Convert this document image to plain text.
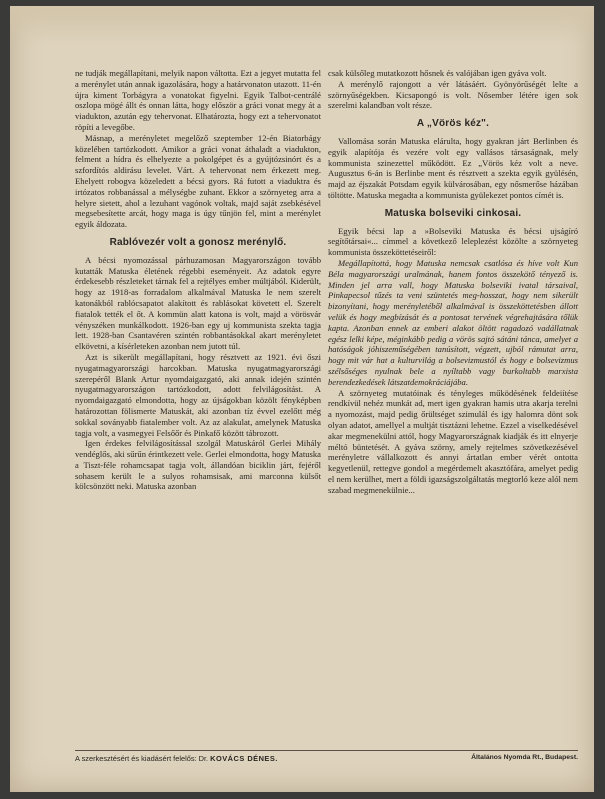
ne tudják megállapítani, melyik napon váltotta. Ezt a jegyet mutatta fel a merénylet után annak igazolására, hogy a határvonaton utazott. 11-én újra kiment Torbágyra a vonatokat figyelni. Egyik Talbot-centrálé oszlopa mögé állt és onnan látta, hogy először a gráci vonat megy át a viadukton, azután egy tehervonat. Elhatározta, hogy ezt a tehervonatot röpíti a levegőbe.

Másnap, a merényletet megelőző szeptember 12-én Biatorbágy közelében tartózkodott. Amikor a gráci vonat áthaladt a viadukton, felment a hídra és elhelyezte a pokolgépet és a gyújtózsinórt és a szfordítós aldirásu levelet. Várt. A tehervonat nem érkezett meg. Ehelyett robogva közeledett a bécsi gyors. Rá futott a viaduktra és irtózatos robbanással a mélységbe zuhant. Ekkor a szörnyeteg arra a helyre sietett, ahol a lezuhant vagónok voltak, majd saját zsebkésével megsebesítette arcát, hogy maga is úgy tűnjön fel, mint a merénylet egyik áldozata.

Rablóvezér volt a gonosz merénylő.

A bécsi nyomozással párhuzamosan Magyarországon tovább kutatták Matuska életének régebbi eseményeit. Az adatok egyre érdekesebb részleteket tárnak fel a rejtélyes ember múltjából. Kiderült, hogy az 1918-as forradalom alkalmával Matuska le nem szerelt katonákból rablócsapatot alakított és rablásokat követett el. Szerelt fiatalok tették el őt. A kommün alatt katona is volt, majd a vörösvár vényszéken munkálkodott. 1926-ban egy uj kommunista szekta tagja lett. 1928-ban Csantavéren szintén robbantásokkal akart merényletet elkövetni, a kísérleteken azonban nem jutott túl.

Azt is sikerült megállapítani, hogy résztvett az 1921. évi őszi nyugatmagyarországi harcokban. Matuska nyugatmagyarországi szerepéről Blank Artur nyomdaigazgató, aki annak idején szintén nyugatmagyarországon tartózkodott, adott felvilágosítást. A nyomdaigazgató elmondotta, hogy az újságokban közölt fényképben határozottan fölismerte Matuskát, aki azonban tíz évvel ezelőtt még sokkal soványabb fiatalember volt. Az az alakulat, amelynek Matuska tagja volt, a vasmegyei Felsőőr és Pinkafő között tábrozott.

Igen érdekes felvilágosítással szolgál Matuskáról Gerlei Mihály vendéglős, aki sűrűn érintkezett vele. Gerlei elmondotta, hogy Matuska a Tiszt-féle rohamcsapat tagja volt, állandóan biciklin járt, fejéről sohasem került le a sulyos rohamsisak, ami marconna külsőt kölcsönzött neki. Matuska azonban

csak külsőleg mutatkozott hősnek és valójában igen gyáva volt.

A merénylő rajongott a vér látásáért. Gyönyörűségét lelte a szörnyűségekben. Kicsapongó is volt. Nősember létére igen sok szerelmi kalandban volt része.

A „Vörös kéz".

Vallomása során Matuska elárulta, hogy gyakran járt Berlinben és egyik alapítója és vezére volt egy vallásos társaságnak, mely kommunista szinezettel működött. Ez „Vörös kéz volt a neve. Augusztus 6-án is Berlinbe ment és résztvett a szekta egyik gyülésén, majd az éjszakát Potsdam egyik külvárosában, egy nősmerőse házában töltötte. Matuska megadta a kommunista gyülekezet pontos címét is.

Matuska bolseviki cinkosai.

Egyik bécsi lap a »Bolseviki Matuska és bécsi ujságíró segítőtársai«... címmel a következő leleplezést közölte a szörnyeteg kommunista összeköttetéseiről:

Megállapítottá, hogy Matuska nemcsak csatlósa és híve volt Kun Béla magyarországi uralmának, hanem fontos összekötő tényező is. Minden jel arra vall, hogy Matuska bolseviki ivatal társaival, Pinkapecsol tűzés ta veni szüntetés meg-hosszat, hogy nem sikerült bizonyítani, hogy merényletéből alkalmával is összeköttetésben állott velük és hogy megbízását és a pontosat tervének végrehajtására tőlük kapta. Azonban ennek az emberi alakot öltött ragadozó vadállatnak egész lelki képe, méginkább pedig a vörös sajtó sátáni tánca, amelyet a hatóságok jóhiszeműségében tanúsított, végzett, ujból rámutat arra, hogy mit vár hat a kulturvilág a bolsevizmustól és hogy e bolsevizmus szélsőséges nyulnak bele a nyíltabb vagy burkoltabb marxista berendezkedések látszatdemokráciájába.

A szörnyeteg mutatóinak és tényleges működésének feldeiítése rendkívül nehéz munkát ad, mert igen gyakran hamis utra akarja terelni a nyomozást, majd pedig őrültséget szimulál és igy halomra dönt sok olyan adatot, amellyel a multját tisztázni lehetne. Ezzel a viselkedésével akar megmenekülni attól, hogy Magyarországnak kiadják és itt elnyerje méltó büntetését. A gyáva szörny, amely rejtelmes szövetkezésével merényletre vállalkozott és annyi ártatlan ember vérét ontotta kegyetlenül, rettegve gondol a megérdemelt akasztófára, amelyet pedig el nem kerülhet, mert a földi igazságszolgáltatás megtorló keze alól nem szabad megmenekülnie...

A szerkesztésért és kiadásért felelős: Dr. KOVÁCS DÉNES.	Általános Nyomda Rt., Budapest.
